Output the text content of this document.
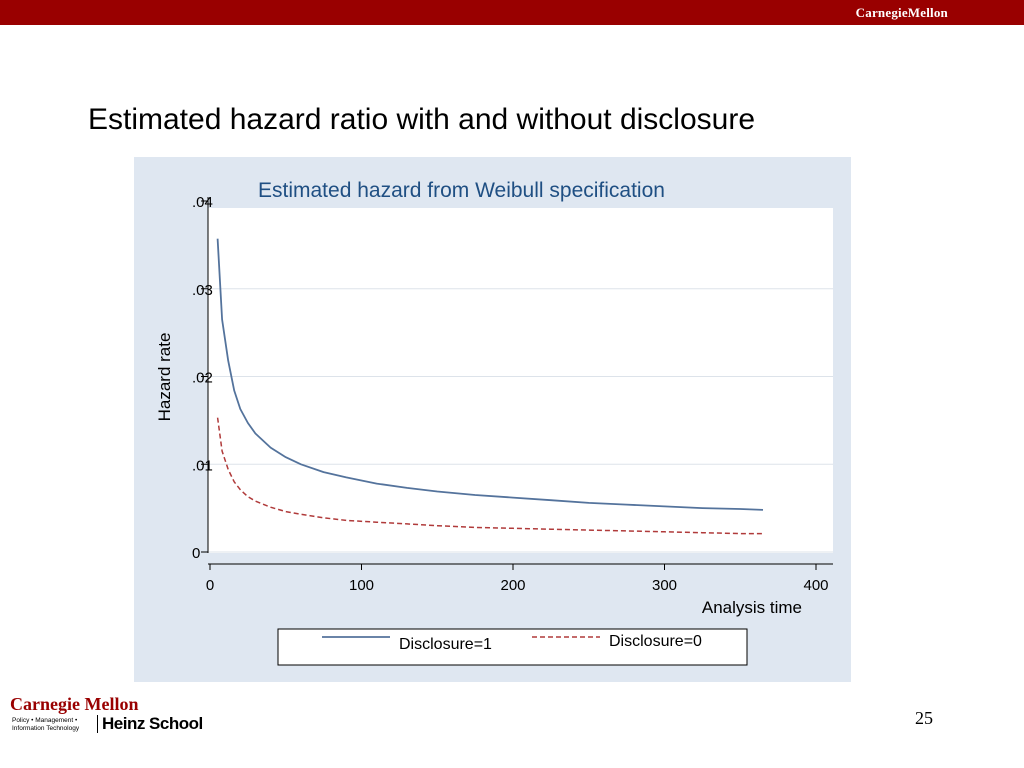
CarnegieMellon
Estimated hazard ratio with and without disclosure
0
.01
.02
.03
.04
0	100	200	300	400
Estimated hazard from Weibull specification
Hazard rate
Analysis time
Disclosure=1	Disclosure=0
Carnegie Mellon
Policy • Management •
Information Technology Heinz School	25
